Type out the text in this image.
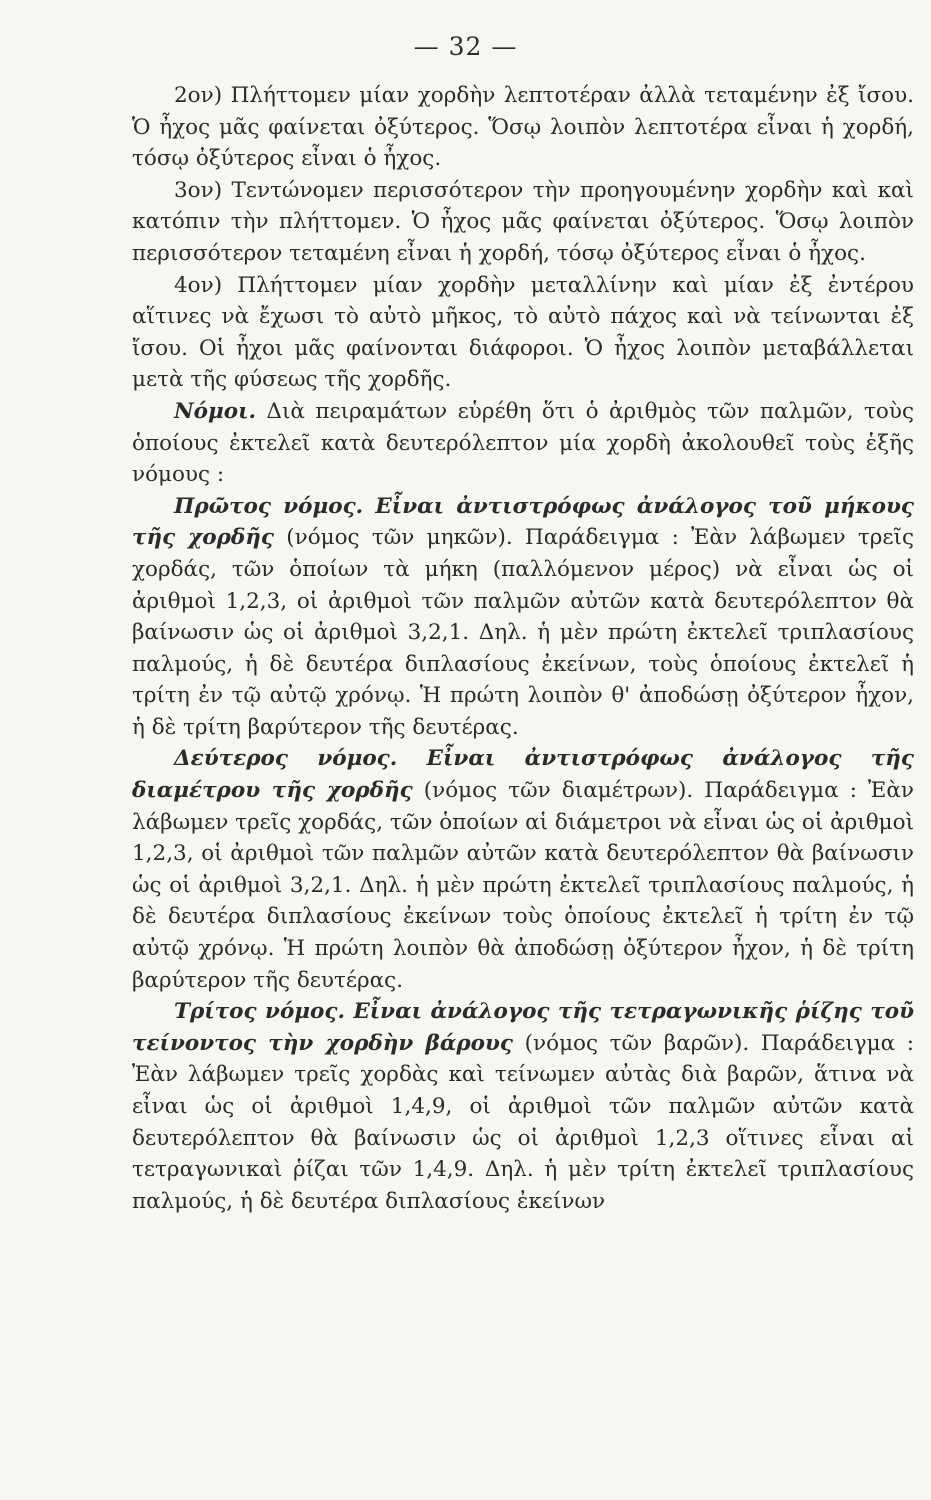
— 32 —

2ον) Πλήττομεν μίαν χορδὴν λεπτοτέραν ἀλλὰ τεταμένην ἐξ ἴσου. Ὁ ἦχος μᾶς φαίνεται ὀξύτερος. Ὅσῳ λοιπὸν λεπτοτέρα εἶναι ἡ χορδή, τόσῳ ὀξύτερος εἶναι ὁ ἦχος.

3ον) Τεντώνομεν περισσότερον τὴν προηγουμένην χορδὴν καὶ καὶ κατόπιν τὴν πλήττομεν. Ὁ ἦχος μᾶς φαίνεται ὀξύτερος. Ὅσῳ λοιπὸν περισσότερον τεταμένη εἶναι ἡ χορδή, τόσῳ ὀξύτερος εἶναι ὁ ἦχος.

4ον) Πλήττομεν μίαν χορδὴν μεταλλίνην καὶ μίαν ἐξ ἐντέρου αἵτινες νὰ ἔχωσι τὸ αὐτὸ μῆκος, τὸ αὐτὸ πάχος καὶ νὰ τείνωνται ἐξ ἴσου. Οἱ ἦχοι μᾶς φαίνονται διάφοροι. Ὁ ἦχος λοιπὸν μεταβάλλεται μετὰ τῆς φύσεως τῆς χορδῆς.

Νόμοι. Διὰ πειραμάτων εὑρέθη ὅτι ὁ ἀριθμὸς τῶν παλμῶν, τοὺς ὁποίους ἐκτελεῖ κατὰ δευτερόλεπτον μία χορδὴ ἀκολουθεῖ τοὺς ἑξῆς νόμους :

Πρῶτος νόμος. Εἶναι ἀντιστρόφως ἀνάλογος τοῦ μήκους τῆς χορδῆς (νόμος τῶν μηκῶν). Παράδειγμα : Ἐὰν λάβωμεν τρεῖς χορδάς, τῶν ὁποίων τὰ μήκη (παλλόμενον μέρος) νὰ εἶναι ὡς οἱ ἀριθμοὶ 1,2,3, οἱ ἀριθμοὶ τῶν παλμῶν αὐτῶν κατὰ δευτερόλεπτον θὰ βαίνωσιν ὡς οἱ ἀριθμοὶ 3,2,1. Δηλ. ἡ μὲν πρώτη ἐκτελεῖ τριπλασίους παλμούς, ἡ δὲ δευτέρα διπλασίους ἐκείνων, τοὺς ὁποίους ἐκτελεῖ ἡ τρίτη ἐν τῷ αὐτῷ χρόνῳ. Ἡ πρώτη λοιπὸν θ' ἀποδώσῃ ὀξύτερον ἦχον, ἡ δὲ τρίτη βαρύτερον τῆς δευτέρας.

Δεύτερος νόμος. Εἶναι ἀντιστρόφως ἀνάλογος τῆς διαμέτρου τῆς χορδῆς (νόμος τῶν διαμέτρων). Παράδειγμα : Ἐὰν λάβωμεν τρεῖς χορδάς, τῶν ὁποίων αἱ διάμετροι νὰ εἶναι ὡς οἱ ἀριθμοὶ 1,2,3, οἱ ἀριθμοὶ τῶν παλμῶν αὐτῶν κατὰ δευτερόλεπτον θὰ βαίνωσιν ὡς οἱ ἀριθμοὶ 3,2,1. Δηλ. ἡ μὲν πρώτη ἐκτελεῖ τριπλασίους παλμούς, ἡ δὲ δευτέρα διπλασίους ἐκείνων τοὺς ὁποίους ἐκτελεῖ ἡ τρίτη ἐν τῷ αὐτῷ χρόνῳ. Ἡ πρώτη λοιπὸν θὰ ἀποδώσῃ ὀξύτερον ἦχον, ἡ δὲ τρίτη βαρύτερον τῆς δευτέρας.

Τρίτος νόμος. Εἶναι ἀνάλογος τῆς τετραγωνικῆς ῥίζης τοῦ τείνοντος τὴν χορδὴν βάρους (νόμος τῶν βαρῶν). Παράδειγμα : Ἐὰν λάβωμεν τρεῖς χορδὰς καὶ τείνωμεν αὐτὰς διὰ βαρῶν, ἅτινα νὰ εἶναι ὡς οἱ ἀριθμοὶ 1,4,9, οἱ ἀριθμοὶ τῶν παλμῶν αὐτῶν κατὰ δευτερόλεπτον θὰ βαίνωσιν ὡς οἱ ἀριθμοὶ 1,2,3 οἵτινες εἶναι αἱ τετραγωνικαὶ ῥίζαι τῶν 1,4,9. Δηλ. ἡ μὲν τρίτη ἐκτελεῖ τριπλασίους παλμούς, ἡ δὲ δευτέρα διπλασίους ἐκείνων
